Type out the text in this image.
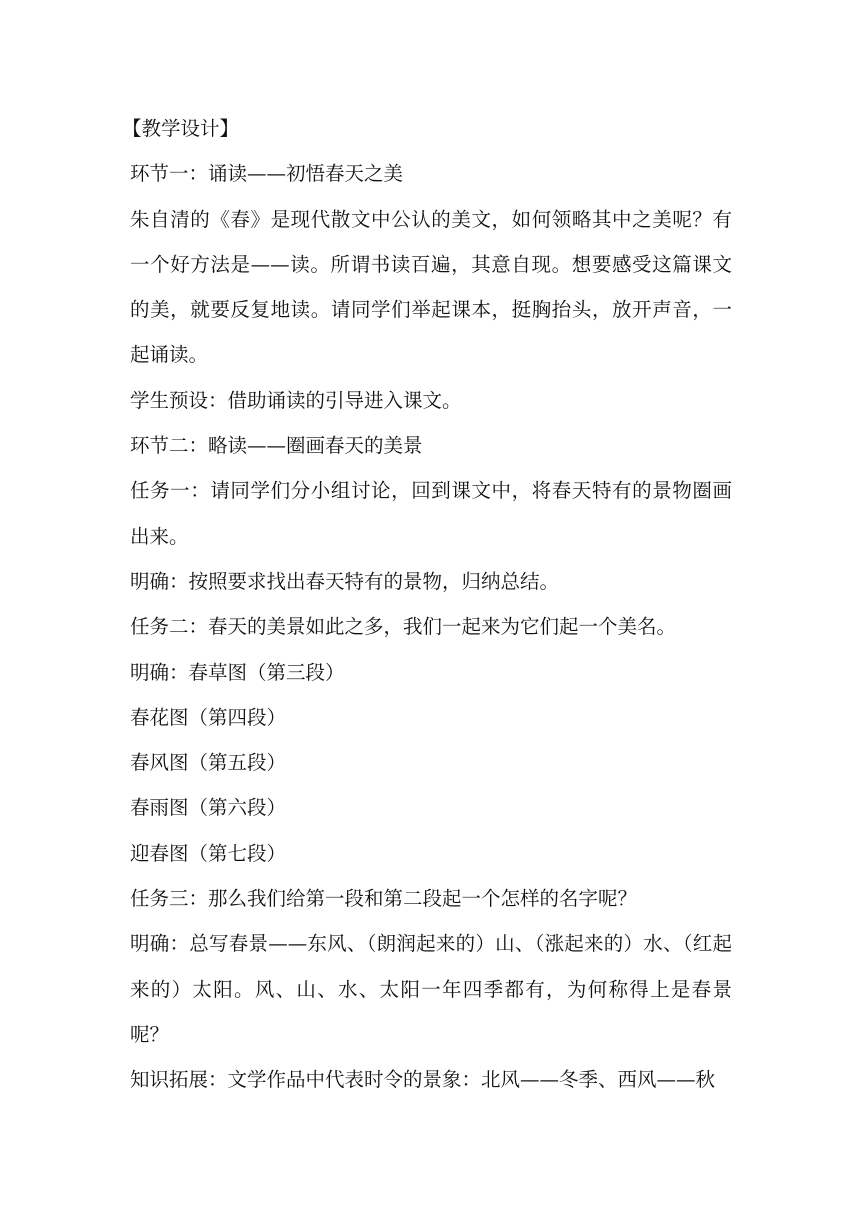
【教学设计】

环节一：诵读——初悟春天之美

朱自清的《春》是现代散文中公认的美文，如何领略其中之美呢？有一个好方法是——读。所谓书读百遍，其意自现。想要感受这篇课文的美，就要反复地读。请同学们举起课本，挺胸抬头，放开声音，一起诵读。

学生预设：借助诵读的引导进入课文。

环节二：略读——圈画春天的美景

任务一：请同学们分小组讨论，回到课文中，将春天特有的景物圈画出来。

明确：按照要求找出春天特有的景物，归纳总结。

任务二：春天的美景如此之多，我们一起来为它们起一个美名。

明确：春草图（第三段）

春花图（第四段）

春风图（第五段）

春雨图（第六段）

迎春图（第七段）

任务三：那么我们给第一段和第二段起一个怎样的名字呢？

明确：总写春景——东风、（朗润起来的）山、（涨起来的）水、（红起来的）太阳。风、山、水、太阳一年四季都有，为何称得上是春景呢？

知识拓展：文学作品中代表时令的景象：北风——冬季、西风——秋
